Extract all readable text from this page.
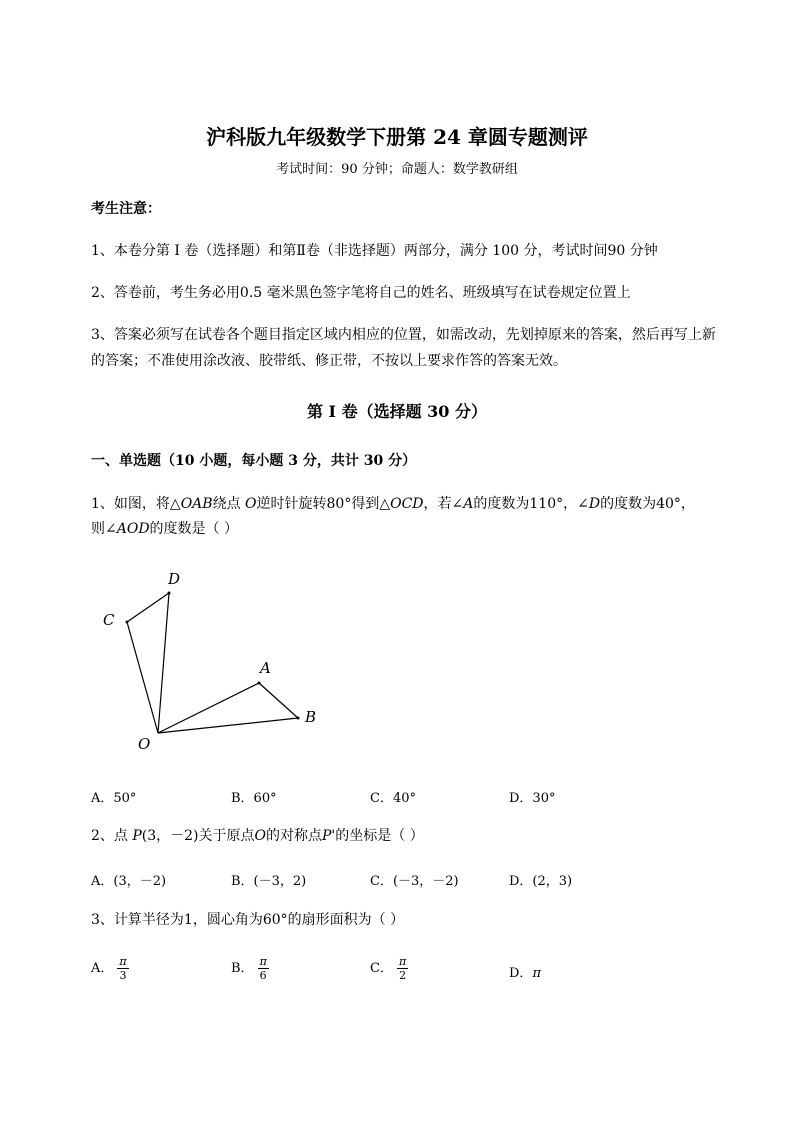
沪科版九年级数学下册第 24 章圆专题测评
考试时间：90 分钟；命题人：数学教研组
考生注意：
1、本卷分第 I 卷（选择题）和第Ⅱ卷（非选择题）两部分，满分 100 分，考试时间90 分钟
2、答卷前，考生务必用0.5 毫米黑色签字笔将自己的姓名、班级填写在试卷规定位置上
3、答案必须写在试卷各个题目指定区域内相应的位置，如需改动，先划掉原来的答案，然后再写上新
的答案；不准使用涂改液、胶带纸、修正带，不按以上要求作答的答案无效。
第 I 卷（选择题 30 分）
一、单选题（10 小题，每小题 3 分，共计 30 分）
1、如图，将△OAB绕点 O逆时针旋转80°得到△OCD，若∠A的度数为110°，∠D的度数为40°，
则∠AOD的度数是（ ）
D
C
A
B
O
A．50°	B．60°	C．40°	D．30°
2、点 P(3，－2)关于原点O的对称点P'的坐标是（ ）
A．(3，－2)	B．(－3，2)	C．(－3，－2)	D．(2，3)
3、计算半径为1，圆心角为60°的扇形面积为（ ）
A． $\frac{\pi}{3}$	B． $\frac{\pi}{6}$	C． $\frac{\pi}{2}$	D．π
